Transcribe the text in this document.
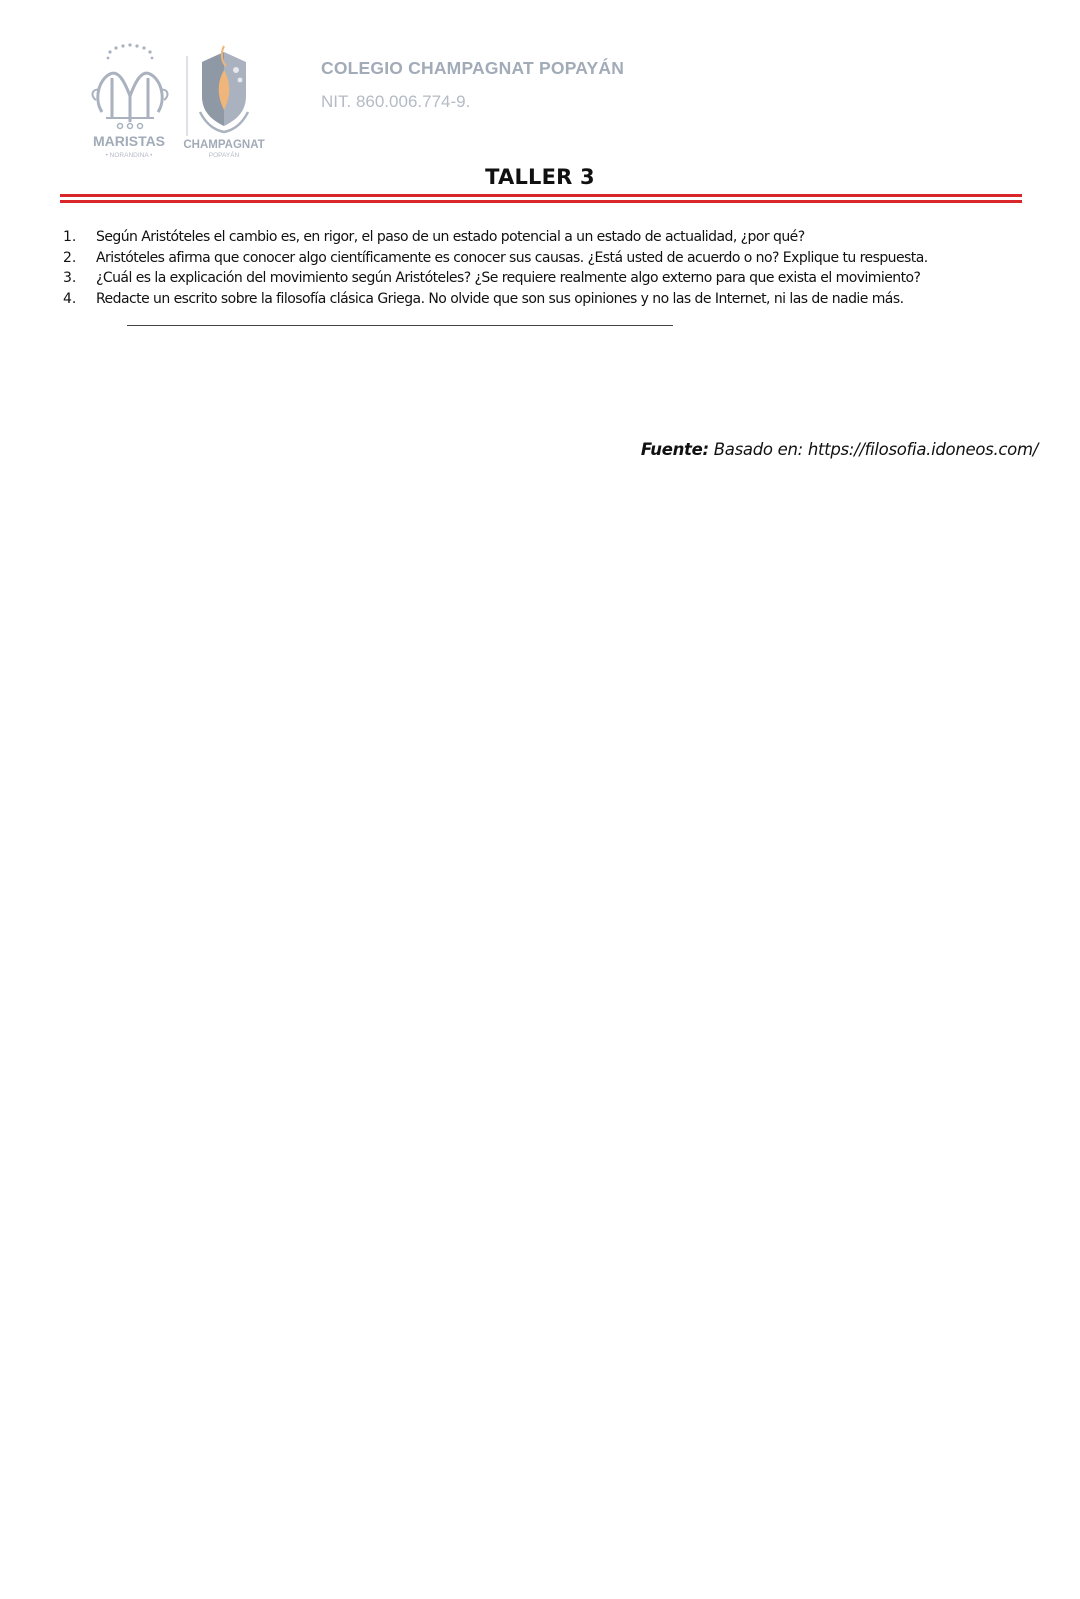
MARISTAS
• NORANDINA •
CHAMPAGNAT
POPAYÁN
COLEGIO CHAMPAGNAT POPAYÁN
NIT. 860.006.774-9.
TALLER 3
1.	Según Aristóteles el cambio es, en rigor, el paso de un estado potencial a un estado de actualidad, ¿por qué?
2.	Aristóteles afirma que conocer algo científicamente es conocer sus causas. ¿Está usted de acuerdo o no? Explique tu respuesta.
3.	¿Cuál es la explicación del movimiento según Aristóteles? ¿Se requiere realmente algo externo para que exista el movimiento?
4.	Redacte un escrito sobre la filosofía clásica Griega. No olvide que son sus opiniones y no las de Internet, ni las de nadie más.
Fuente: Basado en: https://filosofia.idoneos.com/
